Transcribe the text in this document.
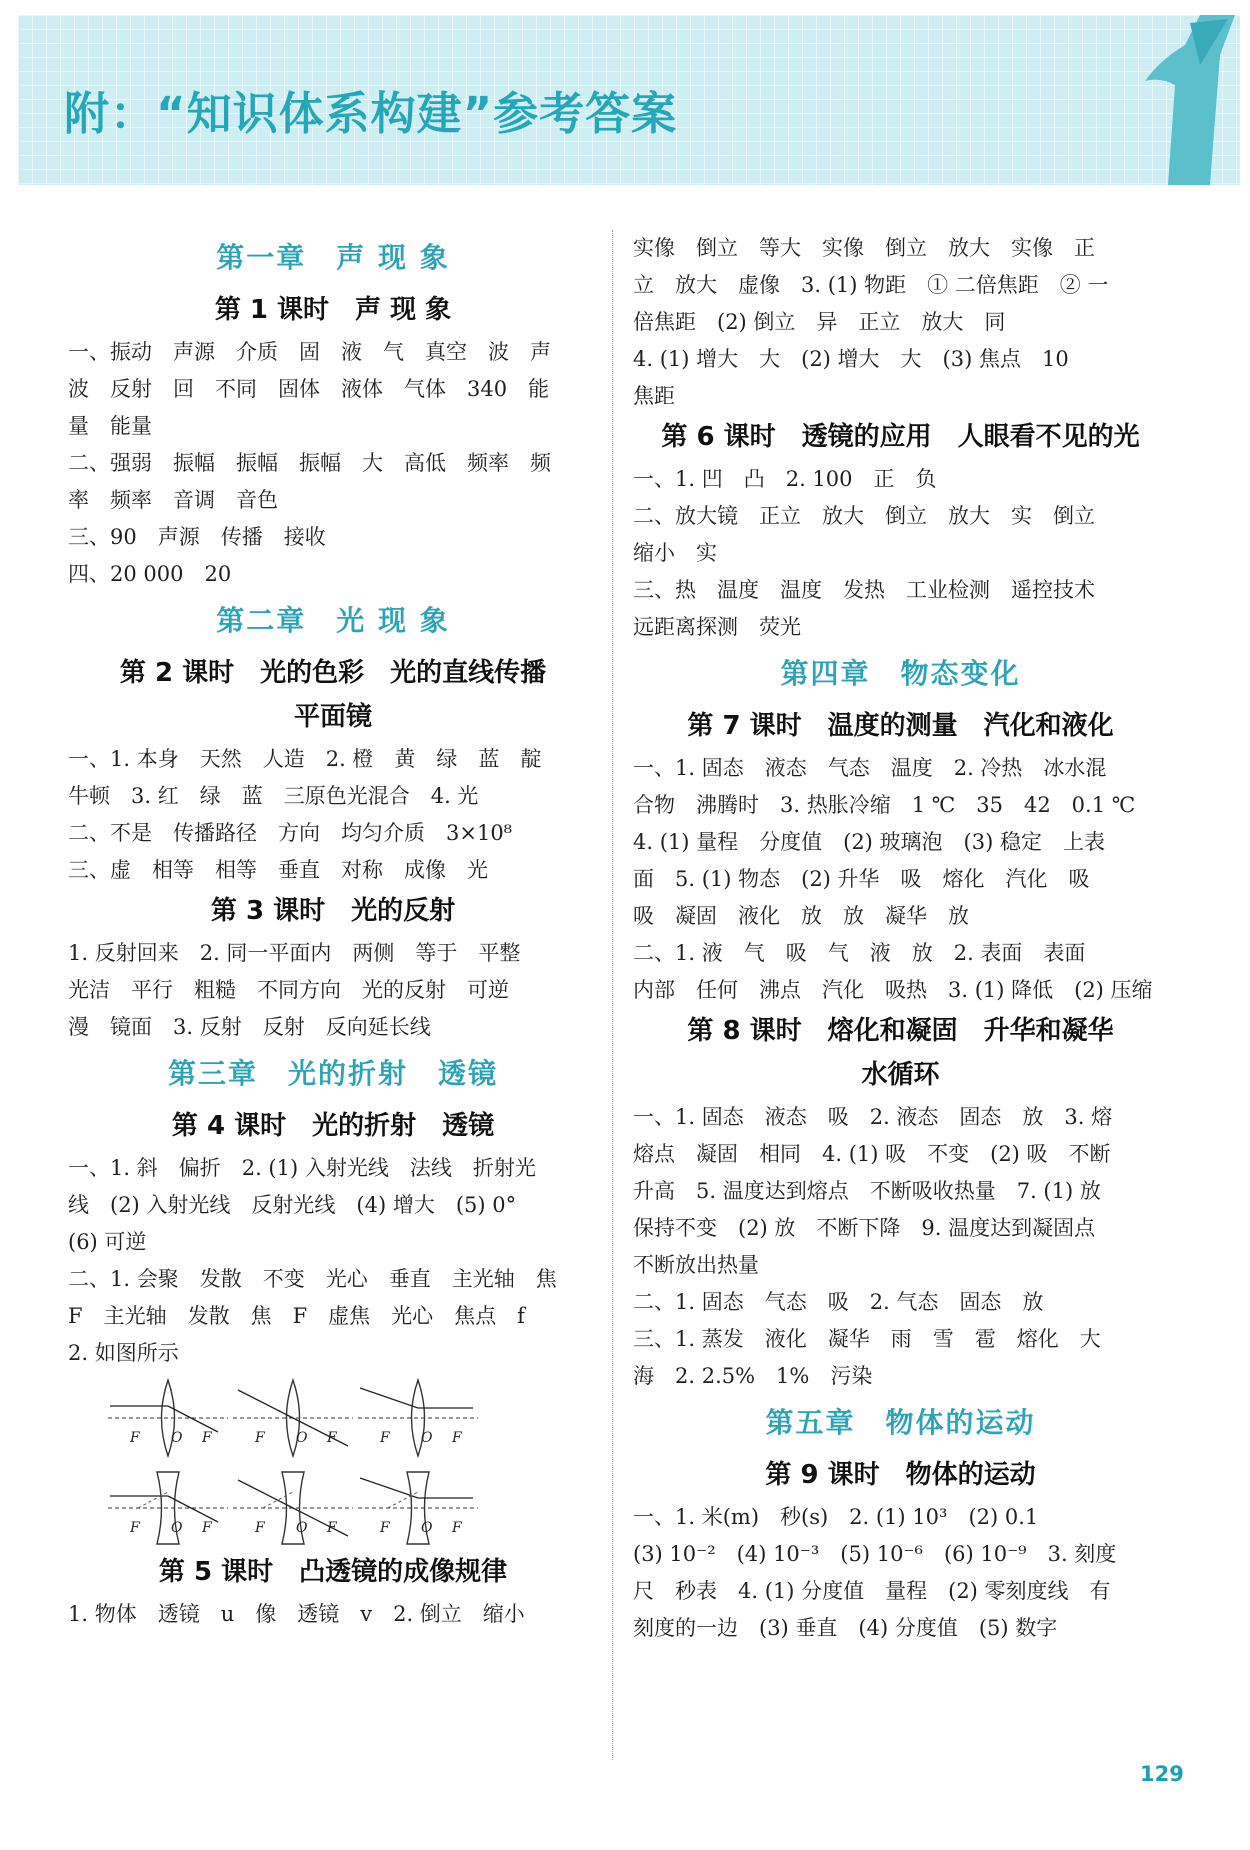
附：“知识体系构建”参考答案
第一章　声 现 象
第 1 课时　声 现 象
一、振动　声源　介质　固　液　气　真空　波　声
波　反射　回　不同　固体　液体　气体　340　能
量　能量
二、强弱　振幅　振幅　振幅　大　高低　频率　频
率　频率　音调　音色
三、90　声源　传播　接收
四、20 000　20
第二章　光 现 象
第 2 课时　光的色彩　光的直线传播
平面镜
一、1. 本身　天然　人造　2. 橙　黄　绿　蓝　靛
牛顿　3. 红　绿　蓝　三原色光混合　4. 光
二、不是　传播路径　方向　均匀介质　3×10⁸
三、虚　相等　相等　垂直　对称　成像　光
第 3 课时　光的反射
1. 反射回来　2. 同一平面内　两侧　等于　平整
光洁　平行　粗糙　不同方向　光的反射　可逆
漫　镜面　3. 反射　反射　反向延长线
第三章　光的折射　透镜
第 4 课时　光的折射　透镜
一、1. 斜　偏折　2. (1) 入射光线　法线　折射光
线　(2) 入射光线　反射光线　(4) 增大　(5) 0°
(6) 可逆
二、1. 会聚　发散　不变　光心　垂直　主光轴　焦
F　主光轴　发散　焦　F　虚焦　光心　焦点　f
2. 如图所示
F O F	F O F	F O F
F O F	F O F	F O F
第 5 课时　凸透镜的成像规律
1. 物体　透镜　u　像　透镜　v　2. 倒立　缩小
实像　倒立　等大　实像　倒立　放大　实像　正
立　放大　虚像　3. (1) 物距　① 二倍焦距　② 一
倍焦距　(2) 倒立　异　正立　放大　同
4. (1) 增大　大　(2) 增大　大　(3) 焦点　10
焦距
第 6 课时　透镜的应用　人眼看不见的光
一、1. 凹　凸　2. 100　正　负
二、放大镜　正立　放大　倒立　放大　实　倒立
缩小　实
三、热　温度　温度　发热　工业检测　遥控技术
远距离探测　荧光
第四章　物态变化
第 7 课时　温度的测量　汽化和液化
一、1. 固态　液态　气态　温度　2. 冷热　冰水混
合物　沸腾时　3. 热胀冷缩　1 ℃　35　42　0.1 ℃
4. (1) 量程　分度值　(2) 玻璃泡　(3) 稳定　上表
面　5. (1) 物态　(2) 升华　吸　熔化　汽化　吸
吸　凝固　液化　放　放　凝华　放
二、1. 液　气　吸　气　液　放　2. 表面　表面
内部　任何　沸点　汽化　吸热　3. (1) 降低　(2) 压缩
第 8 课时　熔化和凝固　升华和凝华
水循环
一、1. 固态　液态　吸　2. 液态　固态　放　3. 熔
熔点　凝固　相同　4. (1) 吸　不变　(2) 吸　不断
升高　5. 温度达到熔点　不断吸收热量　7. (1) 放
保持不变　(2) 放　不断下降　9. 温度达到凝固点
不断放出热量
二、1. 固态　气态　吸　2. 气态　固态　放
三、1. 蒸发　液化　凝华　雨　雪　雹　熔化　大
海　2. 2.5%　1%　污染
第五章　物体的运动
第 9 课时　物体的运动
一、1. 米(m)　秒(s)　2. (1) 10³　(2) 0.1
(3) 10⁻²　(4) 10⁻³　(5) 10⁻⁶　(6) 10⁻⁹　3. 刻度
尺　秒表　4. (1) 分度值　量程　(2) 零刻度线　有
刻度的一边　(3) 垂直　(4) 分度值　(5) 数字
129
